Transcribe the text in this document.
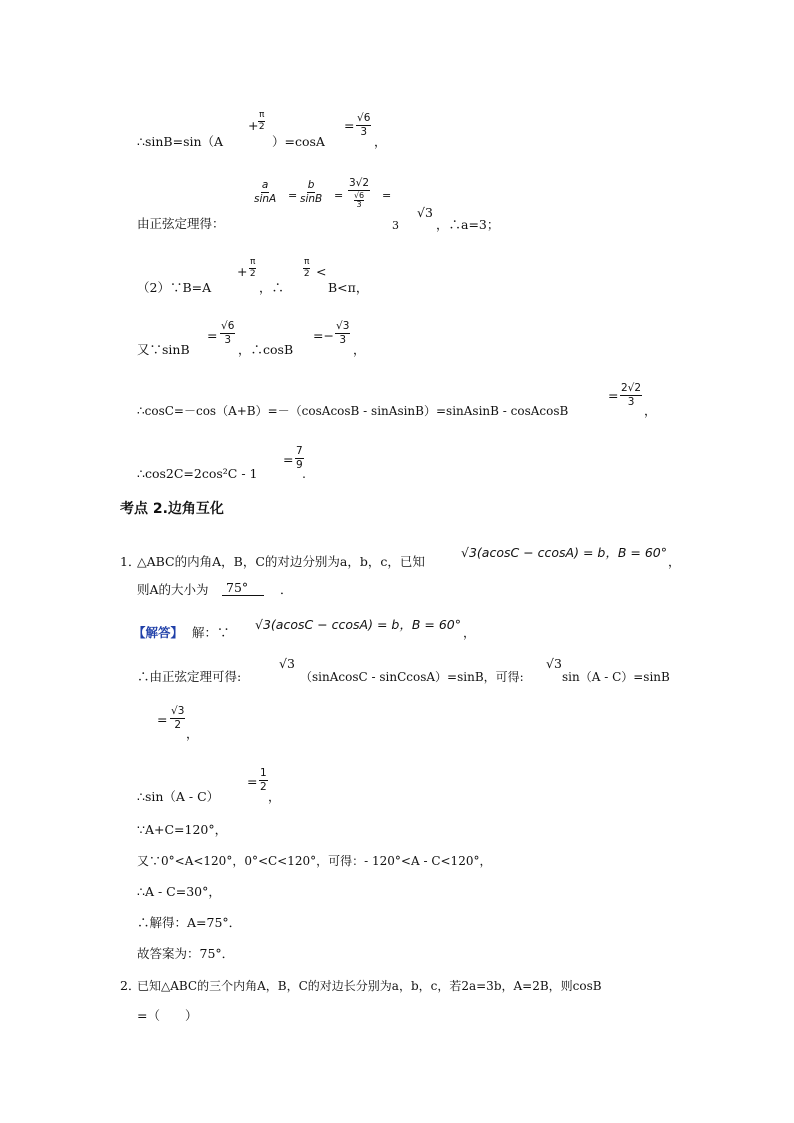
∴sinB=sin（A
+ $\frac{\pi}{2}$
）=cosA
= $\frac{√6}{3}$
，
$\frac{a}{\sin A} = \frac{b}{\sin B}$ =
3√2
√6
3
=
由正弦定理得：	3
√3
，∴a=3；
（2）∵B=A
+ $\frac{\pi}{2}$
，∴
$\frac{\pi}{2}$ <
B<π，
又∵sinB
= $\frac{√6}{3}$
，∴cosB
=− $\frac{√3}{3}$
，
∴cosC=－cos（A+B）=－（cosAcosB - sinAsinB）=sinAsinB - cosAcosB
= $\frac{2√2}{3}$
，
∴cos2C=2cos²C - 1
= $\frac{7}{9}$
.
考点 2.边角互化
1．
△ABC的内角A，B，C的对边分别为a，b，c，已知
√3(acosC − ccosA) = b，B = 60°
，
则A的大小为	75°	．
【解答】 解：∵
√3(acosC − ccosA) = b，B = 60°
，
∴由正弦定理可得:
√3
（sinAcosC - sinCcosA）=sinB，可得:
√3
sin（A - C）=sinB
= $\frac{√3}{2}$
，
∴sin（A - C）
= $\frac{1}{2}$
，
∵A+C=120°，
又∵0°<A<120°，0°<C<120°，可得：- 120°<A - C<120°，
∴A - C=30°，
∴解得：A=75°．
故答案为：75°．
2．
已知△ABC的三个内角A，B，C的对边长分别为a，b，c，若2a=3b，A=2B，则cosB
=（　　）
